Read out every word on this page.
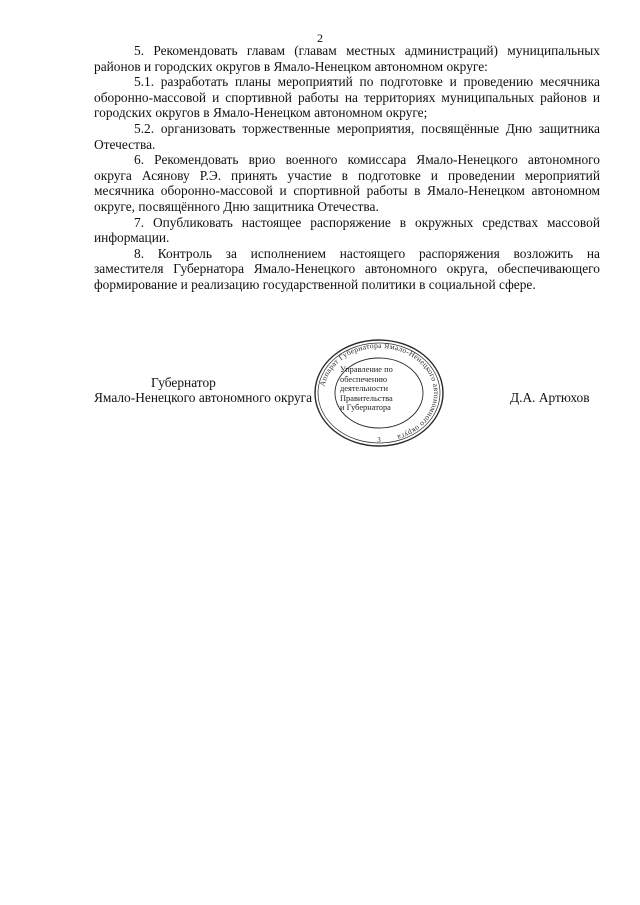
2

5. Рекомендовать главам (главам местных администраций) муниципальных районов и городских округов в Ямало-Ненецком автономном округе:

5.1. разработать планы мероприятий по подготовке и проведению месячника оборонно-массовой и спортивной работы на территориях муниципальных районов и городских округов в Ямало-Ненецком автономном округе;

5.2. организовать торжественные мероприятия, посвящённые Дню защитника Отечества.

6. Рекомендовать врио военного комиссара Ямало-Ненецкого автономного округа Асянову Р.Э. принять участие в подготовке и проведении мероприятий месячника оборонно-массовой и спортивной работы в Ямало-Ненецком автономном округе, посвящённого Дню защитника Отечества.

7. Опубликовать настоящее распоряжение в окружных средствах массовой информации.

8. Контроль за исполнением настоящего распоряжения возложить на заместителя Губернатора Ямало-Ненецкого автономного округа, обеспечивающего формирование и реализацию государственной политики в социальной сфере.

Губернатор
Ямало-Ненецкого автономного округа	Д.А. Артюхов
Аппарат Губернатора Ямало-Ненецкого автономного округа
3
Управление по
обеспечению
деятельности
Правительства
и Губернатора
